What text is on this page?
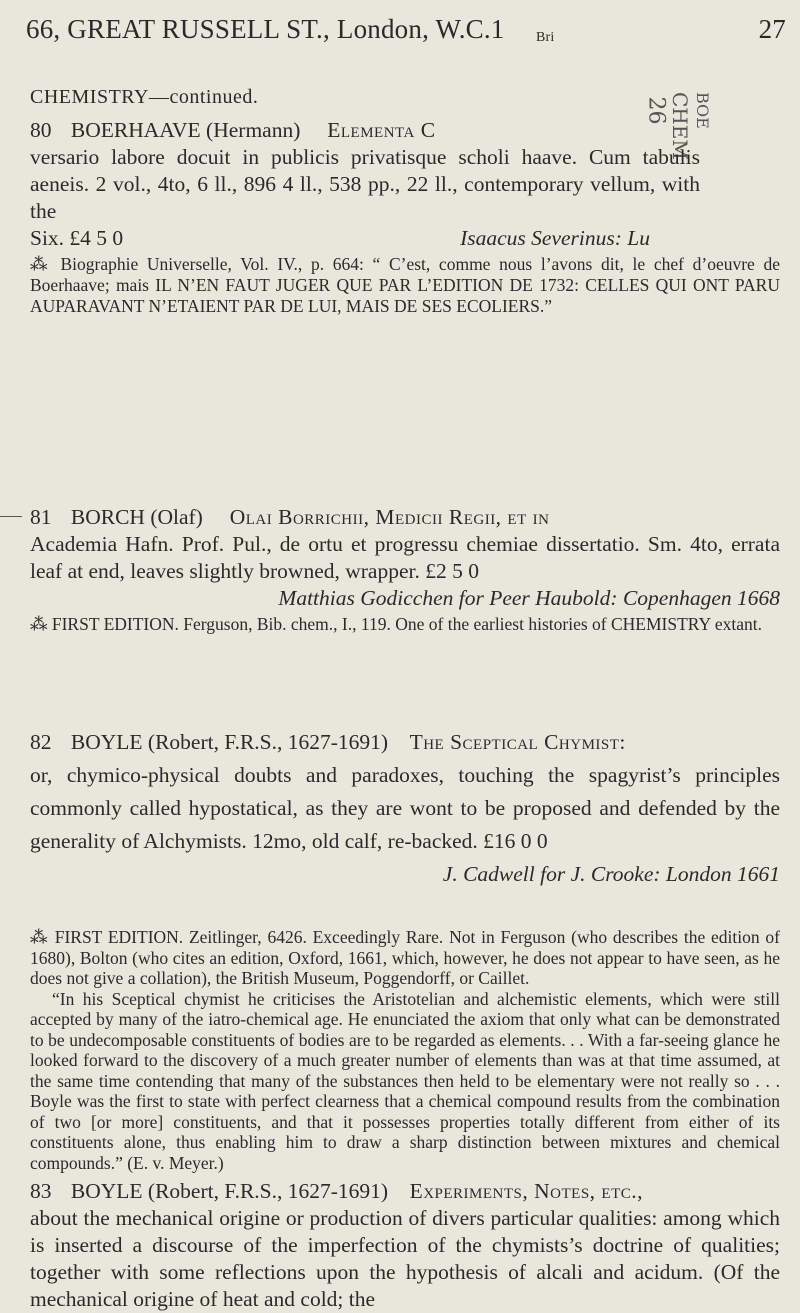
66, GREAT RUSSELL ST., London, W.C.1 Bri	27
26 CHEM BOE
CHEMISTRY—continued.
80 BOERHAAVE (Hermann) Elementa C
versario labore docuit in publicis privatisque scholi haave. Cum tabulis aeneis. 2 vol., 4to, 6 ll., 896 4 ll., 538 pp., 22 ll., contemporary vellum, with the
Six. £4 5 0	Isaacus Severinus: Lu
⁂ Biographie Universelle, Vol. IV., p. 664: “ C’est, comme nous l’avons dit, le chef d’oeuvre de Boerhaave; mais IL N’EN FAUT JUGER QUE PAR L’EDITION DE 1732: CELLES QUI ONT PARU AUPARAVANT N’ETAIENT PAR DE LUI, MAIS DE SES ECOLIERS.”
81 BORCH (Olaf) Olai Borrichii, Medicii Regii, et in
Academia Hafn. Prof. Pul., de ortu et progressu chemiae dissertatio. Sm. 4to, errata leaf at end, leaves slightly browned, wrapper. £2 5 0
Matthias Godicchen for Peer Haubold: Copenhagen 1668
⁂ FIRST EDITION. Ferguson, Bib. chem., I., 119. One of the earliest histories of CHEMISTRY extant.
82 BOYLE (Robert, F.R.S., 1627-1691) The Sceptical Chymist:
or, chymico-physical doubts and paradoxes, touching the spagyrist’s principles commonly called hypostatical, as they are wont to be proposed and defended by the generality of Alchymists. 12mo, old calf, re-backed. £16 0 0
J. Cadwell for J. Crooke: London 1661
⁂ FIRST EDITION. Zeitlinger, 6426. Exceedingly Rare. Not in Ferguson (who describes the edition of 1680), Bolton (who cites an edition, Oxford, 1661, which, however, he does not appear to have seen, as he does not give a collation), the British Museum, Poggendorff, or Caillet.
“In his Sceptical chymist he criticises the Aristotelian and alchemistic elements, which were still accepted by many of the iatro-chemical age. He enunciated the axiom that only what can be demonstrated to be undecomposable constituents of bodies are to be regarded as elements. . . With a far-seeing glance he looked forward to the discovery of a much greater number of elements than was at that time assumed, at the same time contending that many of the substances then held to be elementary were not really so . . . Boyle was the first to state with perfect clearness that a chemical compound results from the combination of two [or more] constituents, and that it possesses properties totally different from either of its constituents alone, thus enabling him to draw a sharp distinction between mixtures and chemical compounds.” (E. v. Meyer.)
83 BOYLE (Robert, F.R.S., 1627-1691) Experiments, Notes, etc.,
about the mechanical origine or production of divers particular qualities: among which is inserted a discourse of the imperfection of the chymists’s doctrine of qualities; together with some reflections upon the hypothesis of alcali and acidum. (Of the mechanical origine of heat and cold; the
